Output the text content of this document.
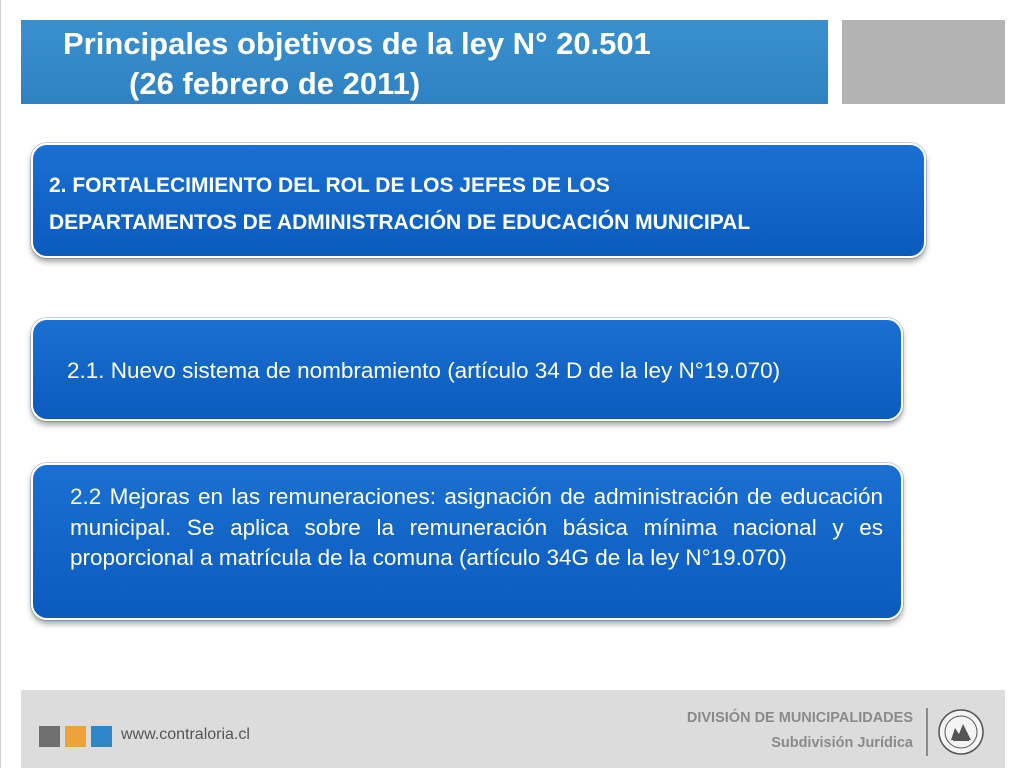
Principales objetivos de la ley N° 20.501
(26 febrero de 2011)
2. FORTALECIMIENTO DEL ROL DE LOS JEFES DE LOS
DEPARTAMENTOS DE ADMINISTRACIÓN DE EDUCACIÓN MUNICIPAL
2.1. Nuevo sistema de nombramiento (artículo 34 D de la ley N°19.070)
2.2 Mejoras en las remuneraciones: asignación de administración de educación municipal. Se aplica sobre la remuneración básica mínima nacional y es proporcional a matrícula de la comuna (artículo 34G de la ley N°19.070)
www.contraloria.cl
DIVISIÓN DE MUNICIPALIDADES
Subdivisión Jurídica
